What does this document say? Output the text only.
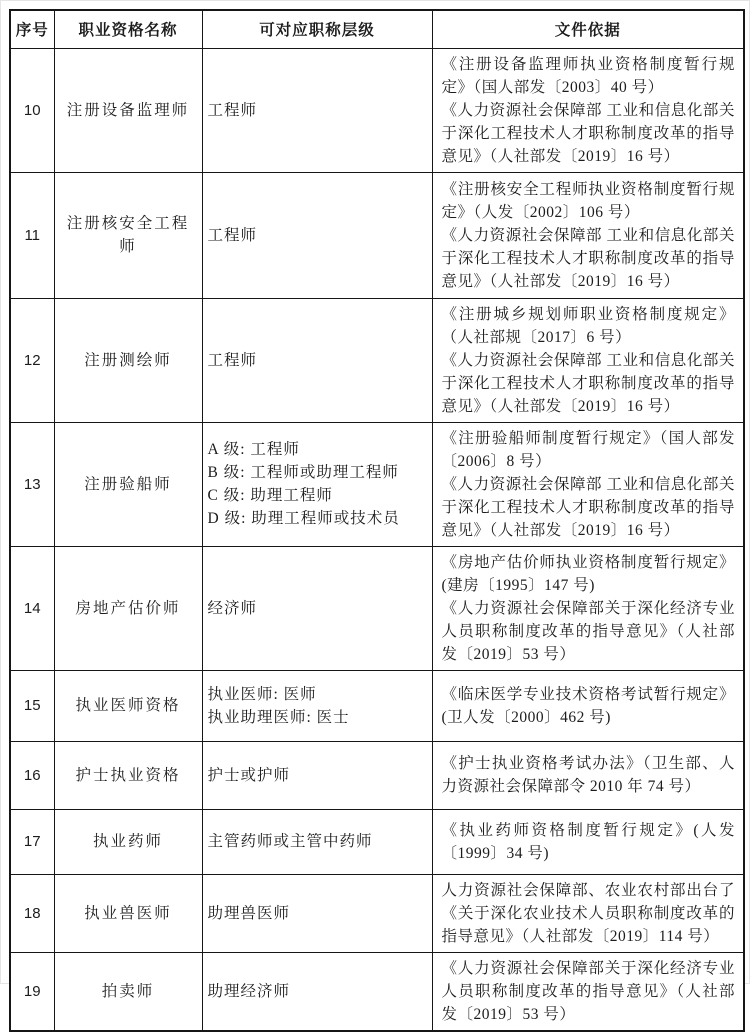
序号	职业资格名称	可对应职称层级	文件依据
10	注册设备监理师	工程师	《注册设备监理师执业资格制度暂行规定》（国人部发〔2003〕40 号）
《人力资源社会保障部 工业和信息化部关于深化工程技术人才职称制度改革的指导意见》（人社部发〔2019〕16 号）

11	注册核安全工程师	工程师	《注册核安全工程师执业资格制度暂行规定》（人发〔2002〕106 号）
《人力资源社会保障部 工业和信息化部关于深化工程技术人才职称制度改革的指导意见》（人社部发〔2019〕16 号）

12	注册测绘师	工程师	《注册城乡规划师职业资格制度规定》（人社部规〔2017〕6 号）
《人力资源社会保障部 工业和信息化部关于深化工程技术人才职称制度改革的指导意见》（人社部发〔2019〕16 号）

13	注册验船师	A 级: 工程师
B 级: 工程师或助理工程师
C 级: 助理工程师
D 级: 助理工程师或技术员	《注册验船师制度暂行规定》（国人部发〔2006〕8 号）
《人力资源社会保障部 工业和信息化部关于深化工程技术人才职称制度改革的指导意见》（人社部发〔2019〕16 号）

14	房地产估价师	经济师	《房地产估价师执业资格制度暂行规定》(建房〔1995〕147 号)
《人力资源社会保障部关于深化经济专业人员职称制度改革的指导意见》（人社部发〔2019〕53 号）

15	执业医师资格	执业医师: 医师
执业助理医师: 医士	《临床医学专业技术资格考试暂行规定》(卫人发〔2000〕462 号)

16	护士执业资格	护士或护师	《护士执业资格考试办法》（卫生部、人力资源社会保障部令 2010 年 74 号）

17	执业药师	主管药师或主管中药师	《执业药师资格制度暂行规定》(人发〔1999〕34 号)

18	执业兽医师	助理兽医师	人力资源社会保障部、农业农村部出台了《关于深化农业技术人员职称制度改革的指导意见》（人社部发〔2019〕114 号）

19	拍卖师	助理经济师	《人力资源社会保障部关于深化经济专业人员职称制度改革的指导意见》（人社部发〔2019〕53 号）
